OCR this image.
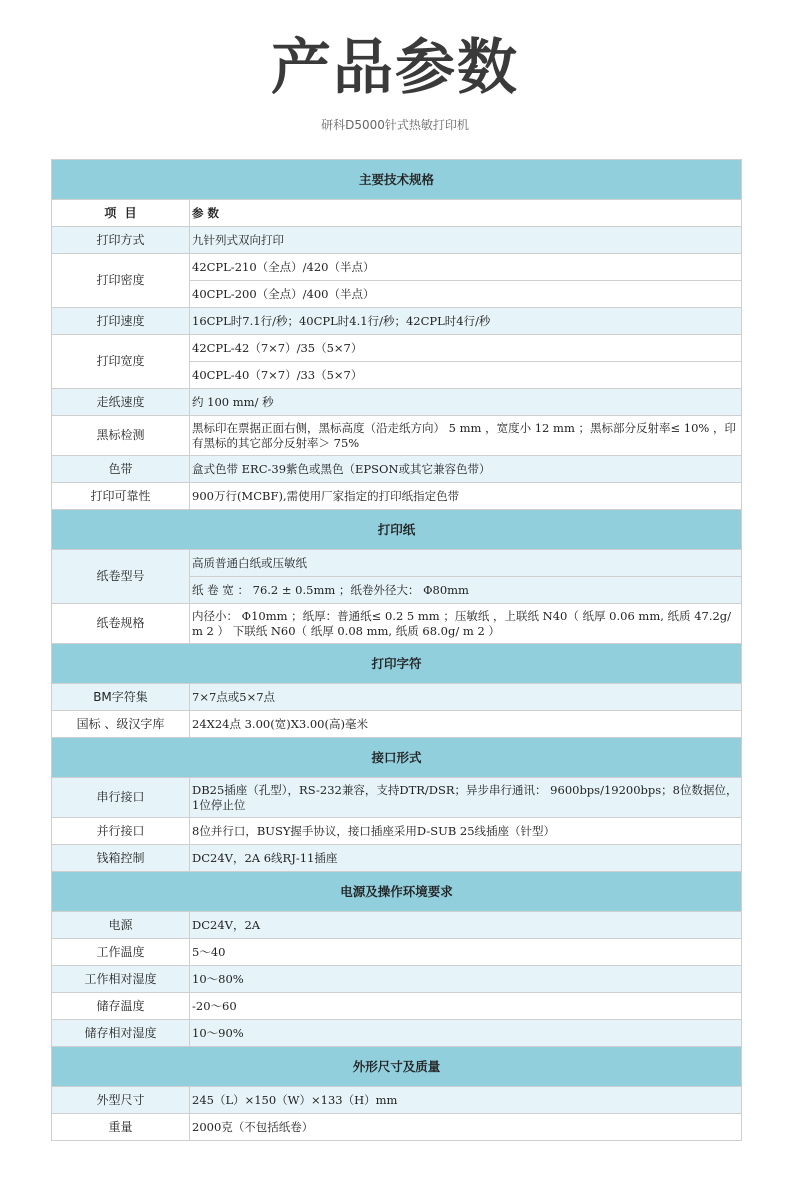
产品参数
研科D5000针式热敏打印机
主要技术规格	
项  目	参 数
打印方式	九针列式双向打印
打印密度	42CPL-210（全点）/420（半点）
	40CPL-200（全点）/400（半点）
打印速度	16CPL时7.1行/秒；40CPL时4.1行/秒；42CPL时4行/秒
打印宽度	42CPL-42（7×7）/35（5×7）
	40CPL-40（7×7）/33（5×7）
走纸速度	约 100 mm/ 秒
黑标检测	黑标印在票据正面右侧，黑标高度（沿走纸方向） 5 mm ，宽度小 12 mm ；黑标部分反射率≤ 10% ，印有黑标的其它部分反射率＞ 75%
色带	盒式色带 ERC-39紫色或黑色（EPSON或其它兼容色带）
打印可靠性	900万行(MCBF),需使用厂家指定的打印纸指定色带
打印纸	
纸卷型号	高质普通白纸或压敏纸
	纸 卷 宽 ： 76.2 ± 0.5mm ；纸卷外径大： Φ80mm
纸卷规格	内径小： Φ10mm ；纸厚：普通纸≤ 0.2 5 mm ；压敏纸 ，上联纸 N40（ 纸厚 0.06 mm, 纸质 47.2g/ m 2 ） 下联纸 N60（ 纸厚 0.08 mm, 纸质 68.0g/ m 2 ）
打印字符	
BM字符集	7×7点或5×7点
国标 、级汉字库	24X24点 3.00(宽)X3.00(高)毫米
接口形式	
串行接口	DB25插座（孔型），RS-232兼容，支持DTR/DSR；异步串行通讯： 9600bps/19200bps；8位数据位，1位停止位
并行接口	8位并行口，BUSY握手协议，接口插座采用D-SUB 25线插座（针型）
钱箱控制	DC24V，2A 6线RJ-11插座
电源及操作环境要求	
电源	DC24V，2A
工作温度	5～40
工作相对湿度	10～80%
储存温度	-20～60
储存相对湿度	10～90%
外形尺寸及质量	
外型尺寸	245（L）×150（W）×133（H）mm
重量	2000克（不包括纸卷）
